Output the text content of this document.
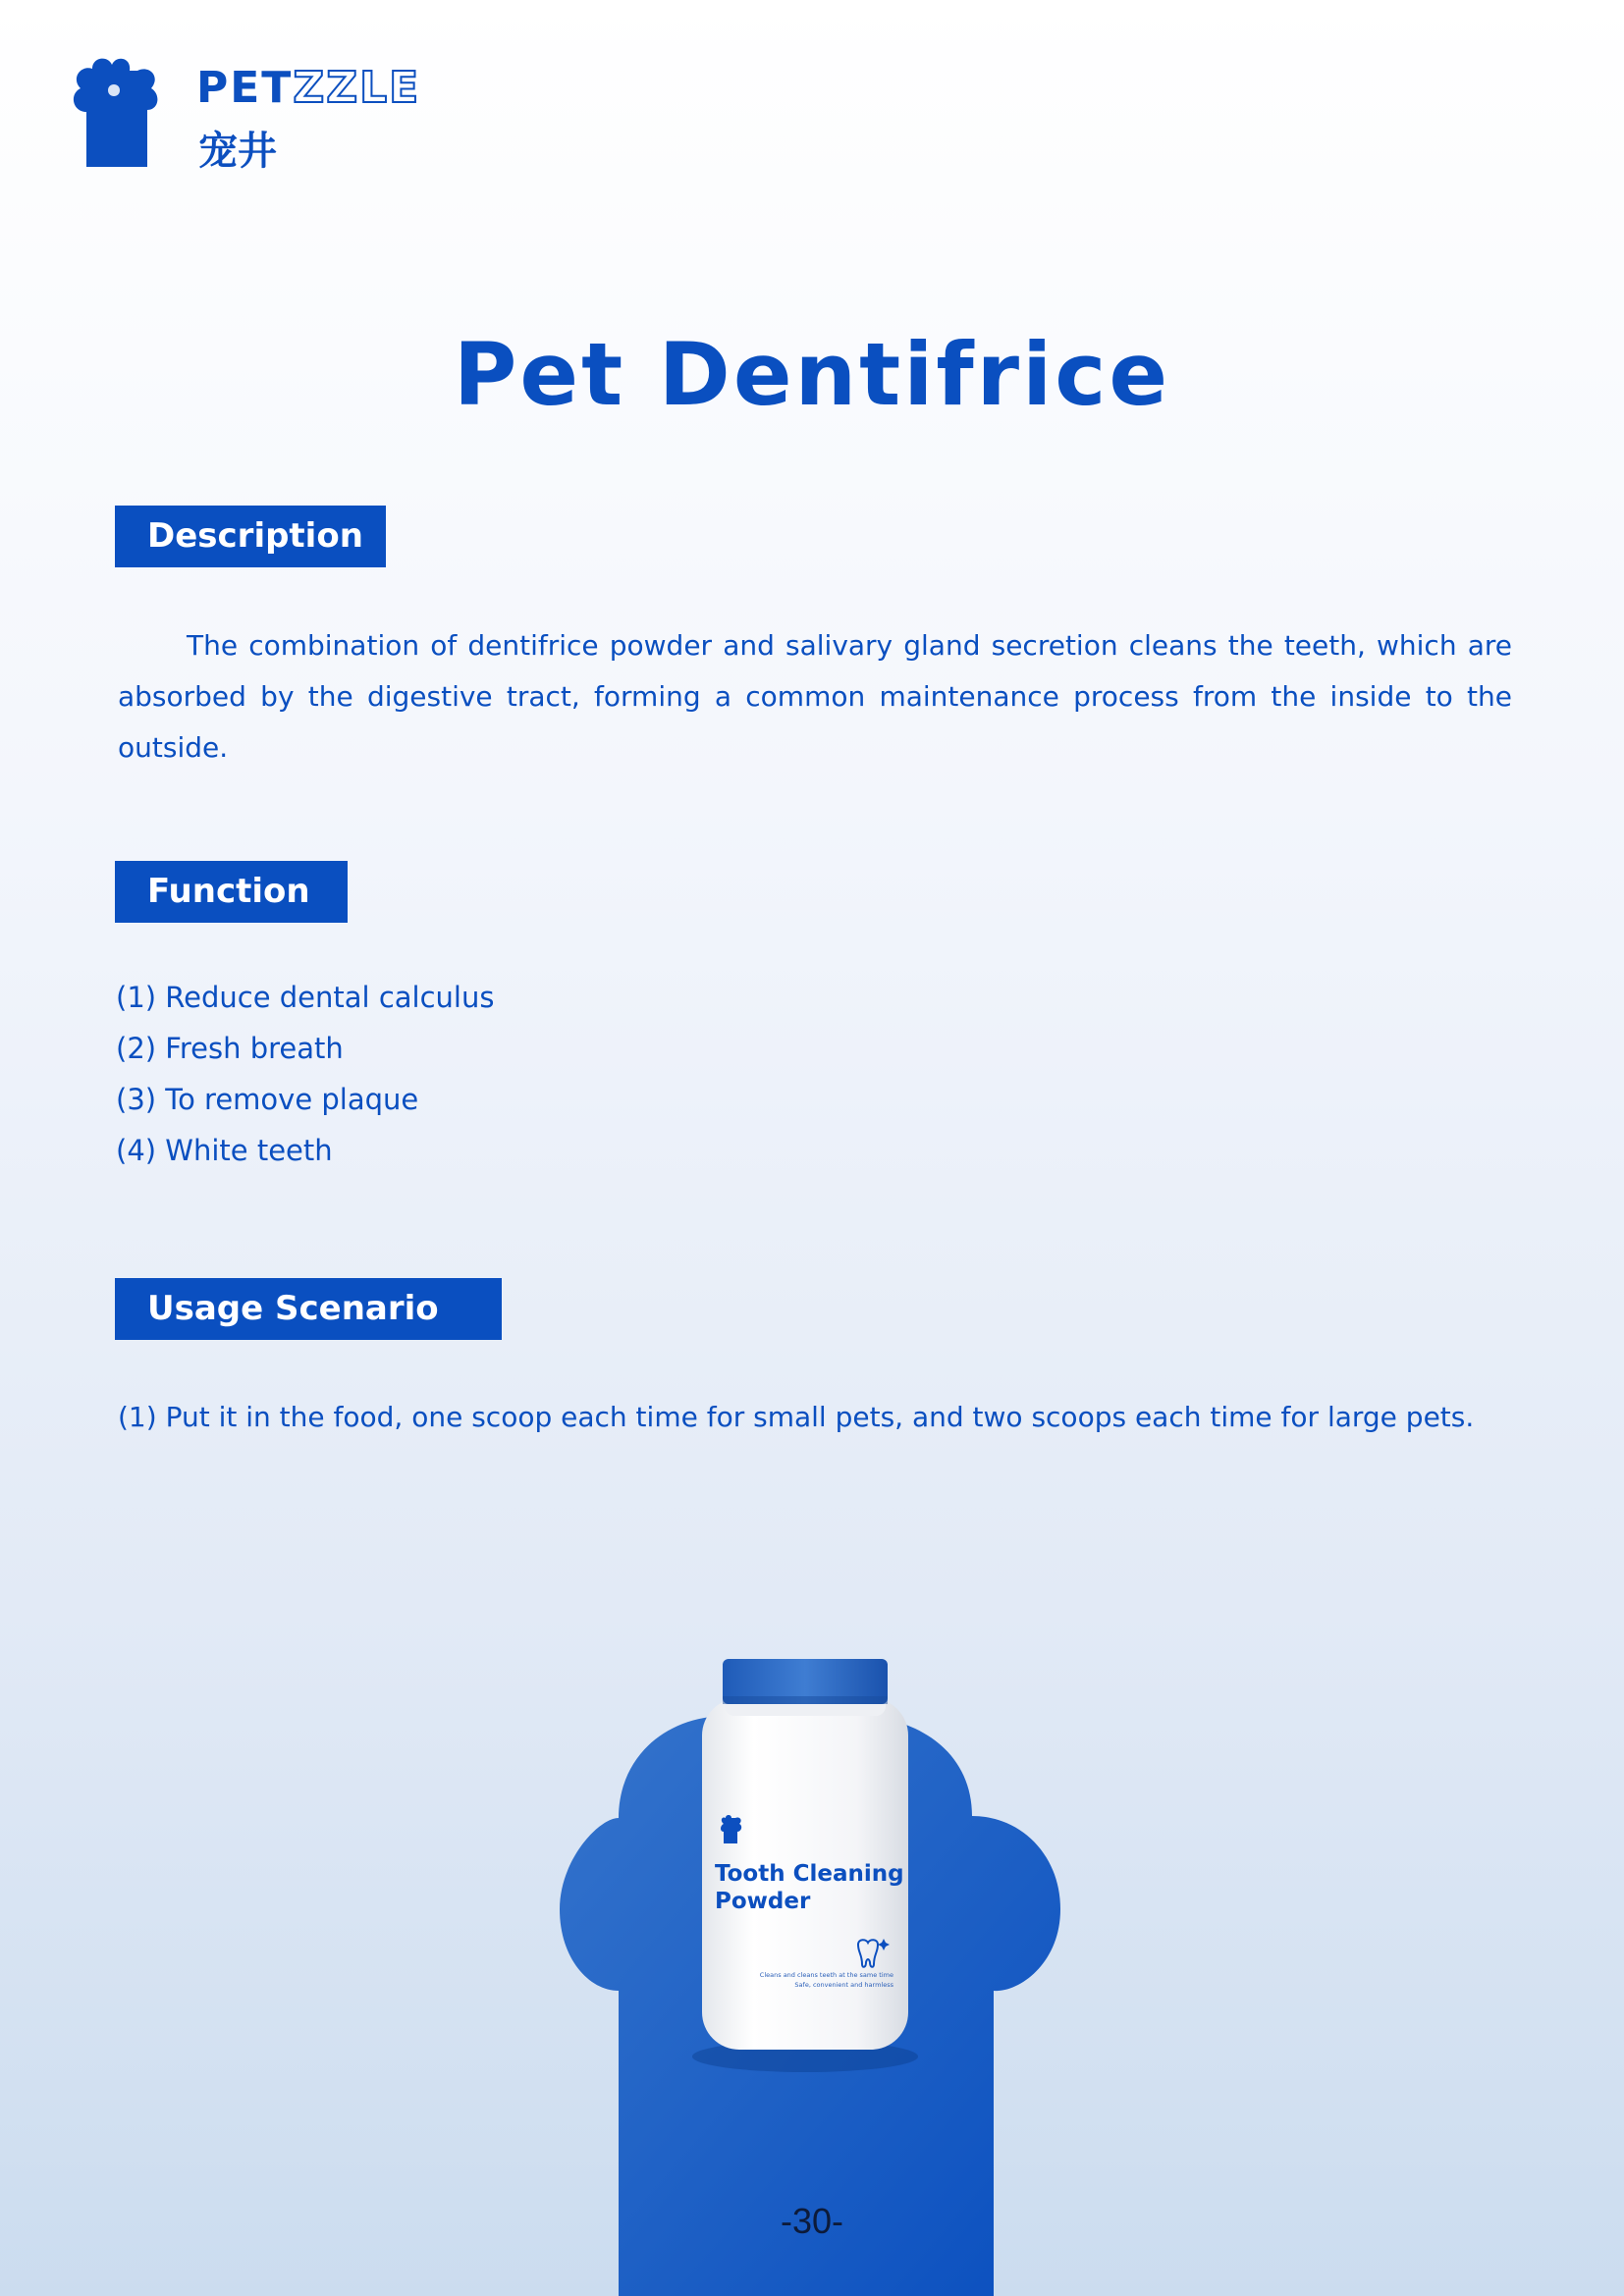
PETZZLE
宠井
Pet Dentifrice
Description

The combination of dentifrice powder and salivary gland secretion cleans the teeth, which are absorbed by the digestive tract, forming a common maintenance process from the inside to the outside.

Function
(1) Reduce dental calculus
(2) Fresh breath
(3) To remove plaque
(4) White teeth
Usage Scenario

(1) Put it in the food, one scoop each time for small pets, and two scoops each time for large pets.

Tooth Cleaning
Powder
Cleans and cleans teeth at the same time
Safe, convenient and harmless
-30-
